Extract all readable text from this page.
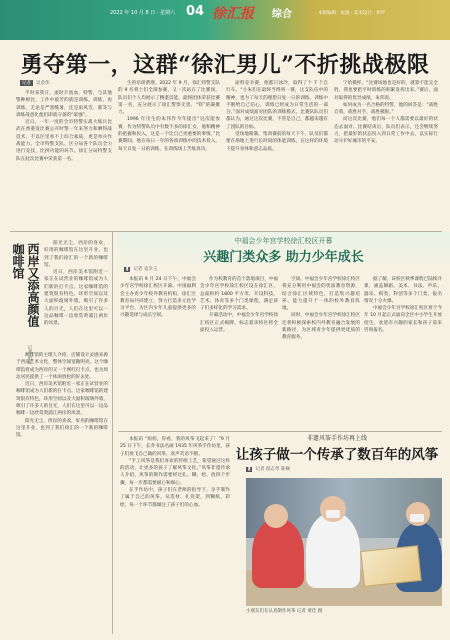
2022 年 10 月 8 日 · 星期六 04 徐汇报 综合	本版编辑：张晓 · 美术设计：胡平
勇夺第一，这群“徐汇男儿”不折挑战极限
记者 吴金伟

半时来我汗，流时夕流血，特警，与其他警种相比，工作中最苦的就是训练。训练，再训练，无论是严寒酷暑，还是雨风雪，都等与训练战意化他们即战守备的“最强”。

近日，一年一度的全市特警实战大练兵比武在香港发比赛公开时警一年来努力和晒得战技术，不以区里看不上综合素质，更是单兵作战能力。全市特警支队、区分局各个队员全力进行竞技，比拼功能的环节。徐汇分局特警支队在此次比赛中荣获第一名。

生的培训费理。2022 年 9 月，徐汇特警支队的 9 名将士们全部参赛，又一次站在了比赛场，队员们个人均展示了精湛技能，最终团体荣获比赛第一名，充分展示了徐汇警察无畏、“铁”的凝聚力。

1996 年出生的朱伟作今年提出“这次能参赛，作为特警队员中有数不多的徐汇女，他和精神的把握和投入，这是一个比自己更重要的事情。”比赛期间，他在每日一年的各项训练中的技术投入，每天日复一日的训练，在训练场上苦练真功。

面料竞争赛，他都只冰冷，取得了个 7 个自行车。“小朱们在最终当终将一赛，这支队伍中的精神，也为了每天的理想日复一日的训练，训练中不断给自己信心，训练已经成为日常生活的一部分。”面对成绩面对团队的训练模式，比赛队队员们都认为，通过这次比赛，不管是自己，都越来越有了团队的目标。

受场地限制，集训赛前的每天下午，队员们都要在场地上进行长时间的体能训练，在这样的环境下提升身体和意志品质。

宁哈模样，“比赛场地也是好的，就算不能完全胜，我也要把平时训练的积累发挥出来。”赛后，面对取得的优异成绩，朱伟说。

如何成为一名合格的特警，他的回答是：“战胜自我，战胜对手，战胜极限。”

而这次比赛，他们每一个人都需要以最好的状态去面对。比赛结束后，队员们表示，还会继续努力，把最好的状态投入到日常工作中去，以实际行动守护好城市的平安。

西岸又添高颜值咖啡馆
记者 赵虹

阳光无尘，西岸的喜欢，好用的咖啡馆在这里开业，也到了我们徐汇的一个新的咖啡馆。

近日，西岸美术馆附近一家正在试营业的咖啡馆成为人们新的打卡点。这家咖啡馆的建筑很有特色，环形空间以及大面积玻璃外墙，吸引了许多人的目光，人们在这里可以一边品咖啡一边欣赏黄浦江两岸的风景。

咖啡馆的主理人介绍，店铺设计灵感来源于西岸艺术文化，整体空间宽敞明亮。这个咖啡馆将成为西岸的又一个网红打卡点，也为周边居民提供了一个休闲放松的好去处。

近日，西岸美术馆附近一家正在试营业的咖啡馆成为人们新的打卡点。这家咖啡馆的建筑很有特色，环形空间以及大面积玻璃外墙，吸引了许多人的目光，人们在这里可以一边品咖啡一边欣赏黄浦江两岸的风景。

阳光无尘，西岸的喜欢，好用的咖啡馆在这里开业，也到了我们徐汇的一个新的咖啡馆。

中福会少年宫学校徐汇校区开幕
兴趣门类众多 助力少年成长
▮ 记者 袁幸玉

本报讯 9 月 24 日下午，中福会少年宫学校徐汇校区开幕。中国福利会主办青少年校外教育机构，徐汇区教育局共同建立，努力打造多元化学习平台，为区内少年儿童提供更多的兴趣选择与成长空间。

作为校教育的首个落地项目，中福会少年宫学校徐汇校区设在徐汇区，总面积约 1800 平方米，开设科技、艺术、体育等多个门类课程，满足孩子们多样化的学习需求。

开幕活动中，中福会少年宫学校徐汇校区正式揭牌，标志着该校区将全面投入运营。

空间。中福会少年宫学校徐汇校区将充分利用中福会的优质教育资源，结合徐汇区域特色，打造集兴趣培养、能力提升于一体的校外教育阵地。

同时，中福会少年宫学校徐汇校区还将积极探索校内外教育融合发展的新路径，为区域青少年提供更优质的教育服务。

据了解，该校区秋季课程已陆续开课，涵盖舞蹈、美术、书法、声乐、器乐、棋类、科创等多个门类，报名情况十分火爆。

中福会少年宫学校徐汇校区将于今年 10 月起正式面向全区中小学生开放招生，欢迎有兴趣的家长和孩子前来咨询报名。

本报讯 “妈妈，你看，我的风筝飞起来了！”9 月 25 日下午，长乔书法名画 1935 年风筝手作坊里，孩子们放飞自己做的风筝，欢声笑语不断。

“手工风筝是我们喜欢的传统工艺，希望通过这样的活动，让更多的孩子了解风筝文化。”风筝非遗传承人介绍，风筝的制作需要经过扎、糊、绘、放四个步骤，每一步都需要耐心和细心。

在手作坊中，孩子们在老师的指导下，亲手制作了属于自己的风筝。从选材、扎骨架，到糊纸、彩绘，每一个环节都倾注了孩子们的心血。

非遗风筝手作坊再上线
让孩子做一个传承了数百年的风筝
▮ 记者 倪志琴 陈娴
小朋友们在认真制作风筝 记者 黄佳 摄
